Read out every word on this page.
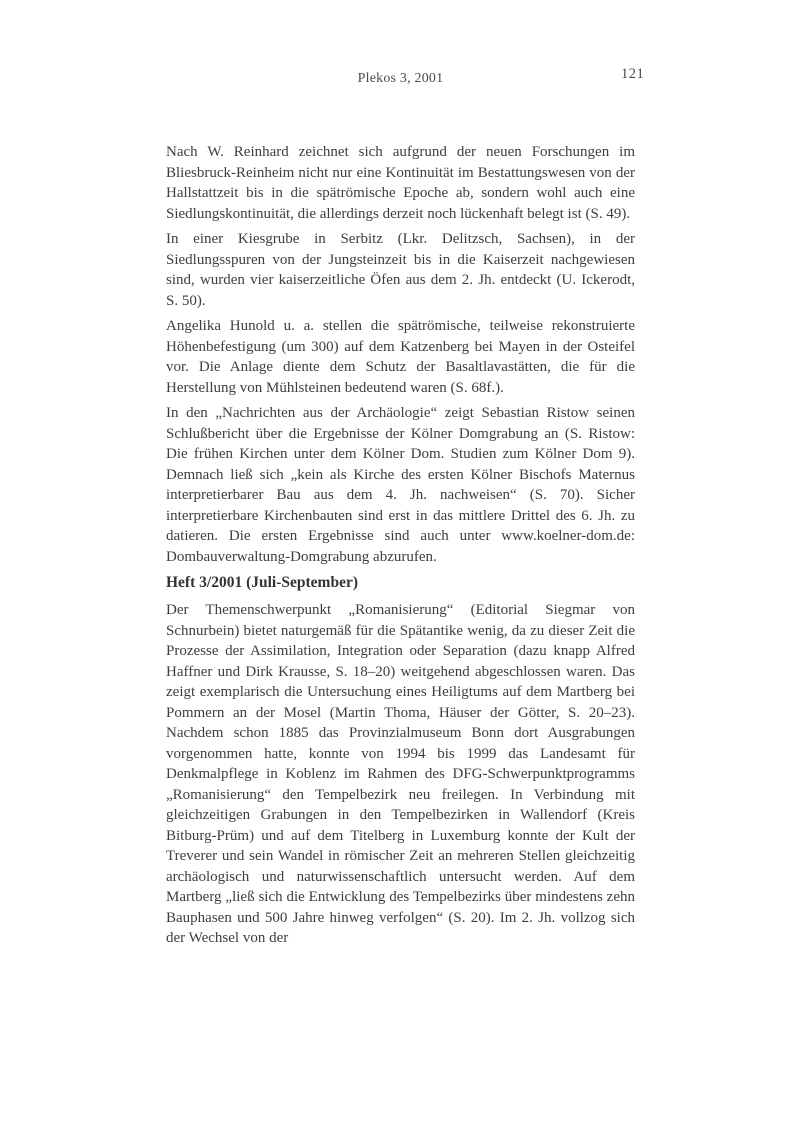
Plekos 3, 2001	121

Nach W. Reinhard zeichnet sich aufgrund der neuen Forschungen im Bliesbruck-Reinheim nicht nur eine Kontinuität im Bestattungswesen von der Hallstattzeit bis in die spätrömische Epoche ab, sondern wohl auch eine Siedlungskontinuität, die allerdings derzeit noch lückenhaft belegt ist (S. 49).

In einer Kiesgrube in Serbitz (Lkr. Delitzsch, Sachsen), in der Siedlungsspuren von der Jungsteinzeit bis in die Kaiserzeit nachgewiesen sind, wurden vier kaiserzeitliche Öfen aus dem 2. Jh. entdeckt (U. Ickerodt, S. 50).

Angelika Hunold u. a. stellen die spätrömische, teilweise rekonstruierte Höhenbefestigung (um 300) auf dem Katzenberg bei Mayen in der Osteifel vor. Die Anlage diente dem Schutz der Basaltlavastätten, die für die Herstellung von Mühlsteinen bedeutend waren (S. 68f.).

In den „Nachrichten aus der Archäologie“ zeigt Sebastian Ristow seinen Schlußbericht über die Ergebnisse der Kölner Domgrabung an (S. Ristow: Die frühen Kirchen unter dem Kölner Dom. Studien zum Kölner Dom 9). Demnach ließ sich „kein als Kirche des ersten Kölner Bischofs Maternus interpretierbarer Bau aus dem 4. Jh. nachweisen“ (S. 70). Sicher interpretierbare Kirchenbauten sind erst in das mittlere Drittel des 6. Jh. zu datieren. Die ersten Ergebnisse sind auch unter www.koelner-dom.de: Dombauverwaltung-Domgrabung abzurufen.

Heft 3/2001 (Juli-September)

Der Themenschwerpunkt „Romanisierung“ (Editorial Siegmar von Schnurbein) bietet naturgemäß für die Spätantike wenig, da zu dieser Zeit die Prozesse der Assimilation, Integration oder Separation (dazu knapp Alfred Haffner und Dirk Krausse, S. 18–20) weitgehend abgeschlossen waren. Das zeigt exemplarisch die Untersuchung eines Heiligtums auf dem Martberg bei Pommern an der Mosel (Martin Thoma, Häuser der Götter, S. 20–23). Nachdem schon 1885 das Provinzialmuseum Bonn dort Ausgrabungen vorgenommen hatte, konnte von 1994 bis 1999 das Landesamt für Denkmalpflege in Koblenz im Rahmen des DFG-Schwerpunktprogramms „Romanisierung“ den Tempelbezirk neu freilegen. In Verbindung mit gleichzeitigen Grabungen in den Tempelbezirken in Wallendorf (Kreis Bitburg-Prüm) und auf dem Titelberg in Luxemburg konnte der Kult der Treverer und sein Wandel in römischer Zeit an mehreren Stellen gleichzeitig archäologisch und naturwissenschaftlich untersucht werden. Auf dem Martberg „ließ sich die Entwicklung des Tempelbezirks über mindestens zehn Bauphasen und 500 Jahre hinweg verfolgen“ (S. 20). Im 2. Jh. vollzog sich der Wechsel von der
